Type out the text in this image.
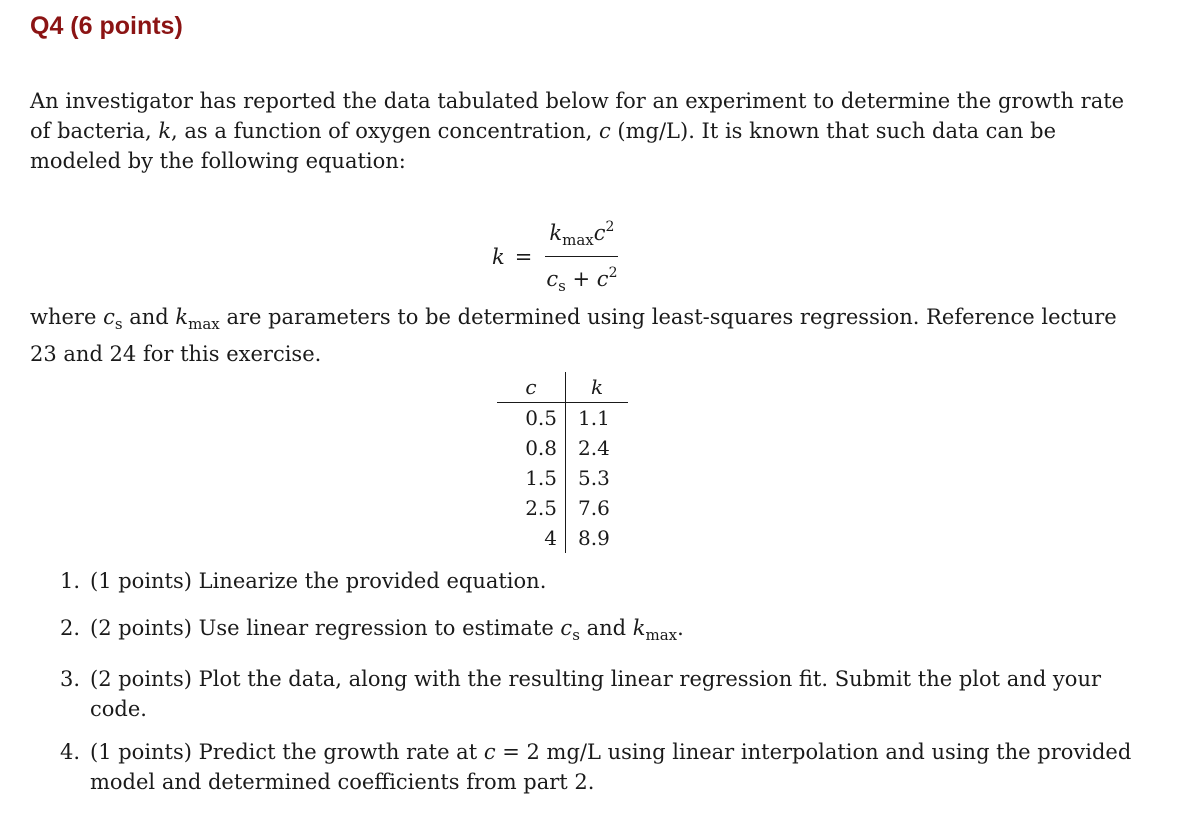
Q4 (6 points)
An investigator has reported the data tabulated below for an experiment to determine the growth rate of bacteria, k, as a function of oxygen concentration, c (mg/L). It is known that such data can be modeled by the following equation:
$k = \frac{k_{max}c^2}{c_s + c^2}$
where $c_s$ and $k_{max}$ are parameters to be determined using least-squares regression. Reference lecture 23 and 24 for this exercise.
c	k
0.5	1.1
0.8	2.4
1.5	5.3
2.5	7.6
4	8.9
1. (1 points) Linearize the provided equation.
2. (2 points) Use linear regression to estimate $c_s$ and $k_{max}$.
3. (2 points) Plot the data, along with the resulting linear regression fit. Submit the plot and your code.
4. (1 points) Predict the growth rate at c = 2 mg/L using linear interpolation and using the provided model and determined coefficients from part 2.
